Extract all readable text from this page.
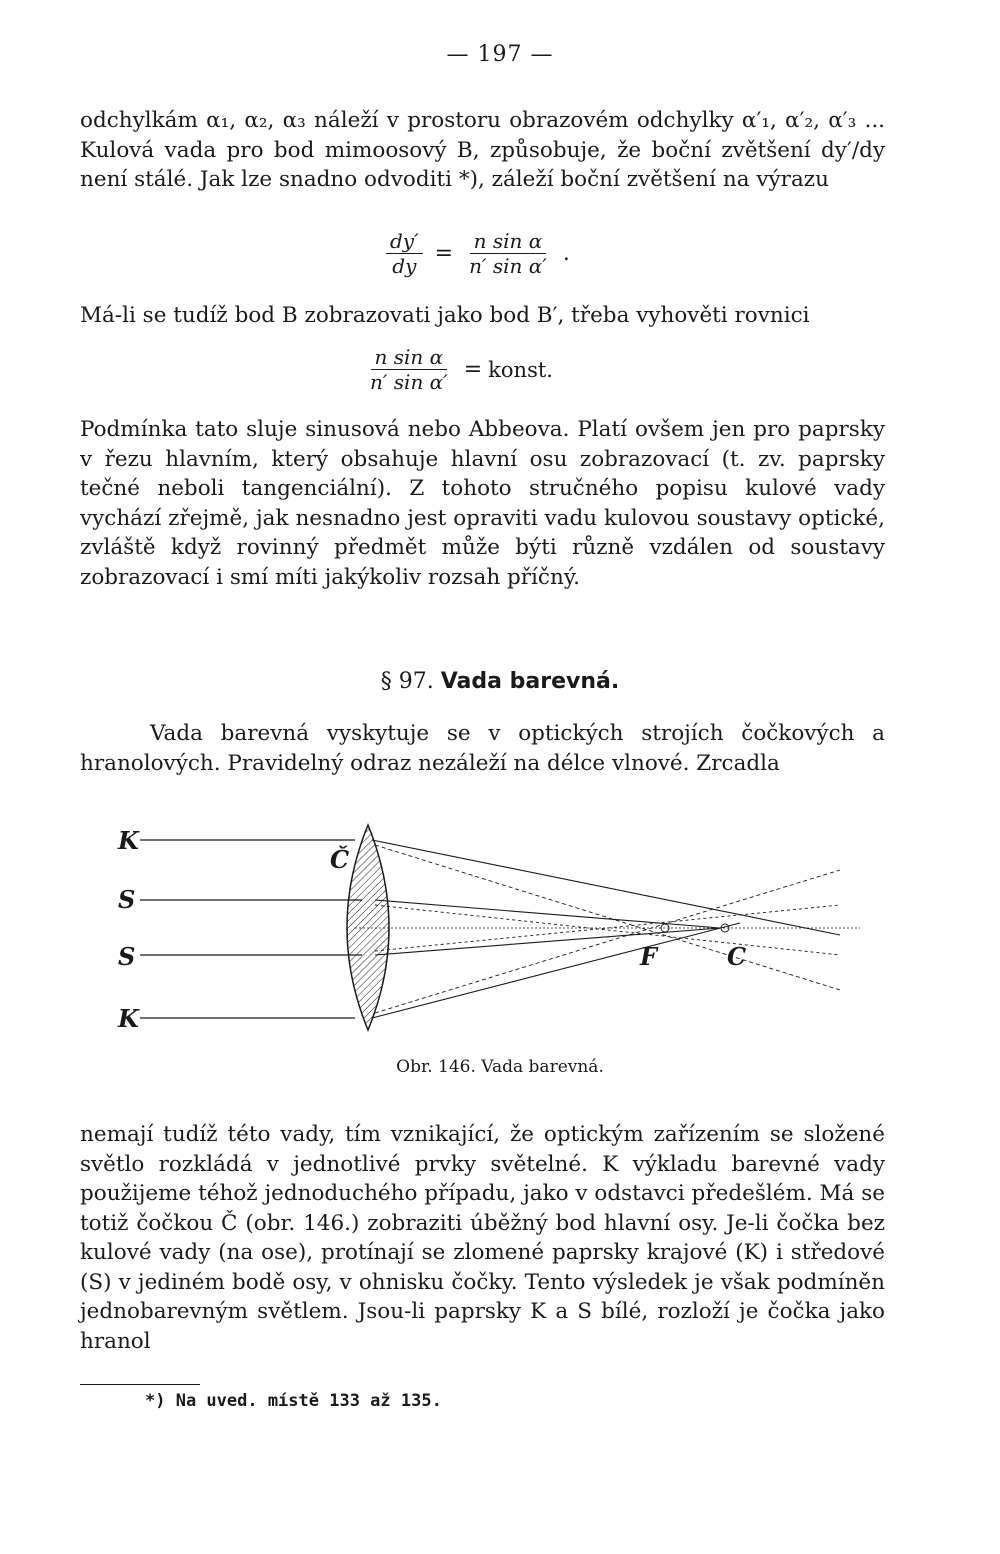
— 197 —

odchylkám α₁, α₂, α₃ náleží v prostoru obrazovém odchylky α′₁, α′₂, α′₃ ... Kulová vada pro bod mimoosový B, způsobuje, že boční zvětšení dy′/dy není stálé. Jak lze snadno odvoditi *), záleží boční zvětšení na výrazu

$\frac{dy'}{dy} = \frac{\text{n sin α}}{\text{n′ sin α′}}$ .
Má-li se tudíž bod B zobrazovati jako bod B′, třeba vyhověti rovnici
$\frac{\text{n sin α}}{\text{n′ sin α′}}$ = konst.

Podmínka tato sluje sinusová nebo Abbeova. Platí ovšem jen pro paprsky v řezu hlavním, který obsahuje hlavní osu zobrazovací (t. zv. paprsky tečné neboli tangenciální). Z tohoto stručného popisu kulové vady vychází zřejmě, jak nesnadno jest opraviti vadu kulovou soustavy optické, zvláště když rovinný předmět může býti různě vzdálen od soustavy zobrazovací i smí míti jakýkoliv rozsah příčný.

§ 97. Vada barevná.

Vada barevná vyskytuje se v optických strojích čočkových a hranolových. Pravidelný odraz nezáleží na délce vlnové. Zrcadla

K
S
S
K
Č
F	C
Obr. 146. Vada barevná.

nemají tudíž této vady, tím vznikající, že optickým zařízením se složené světlo rozkládá v jednotlivé prvky světelné. K výkladu barevné vady použijeme téhož jednoduchého případu, jako v odstavci předešlém. Má se totiž čočkou Č (obr. 146.) zobraziti úběžný bod hlavní osy. Je-li čočka bez kulové vady (na ose), protínají se zlomené paprsky krajové (K) i středové (S) v jediném bodě osy, v ohnisku čočky. Tento výsledek je však podmíněn jednobarevným světlem. Jsou-li paprsky K a S bílé, rozloží je čočka jako hranol

*) Na uved. místě 133 až 135.
